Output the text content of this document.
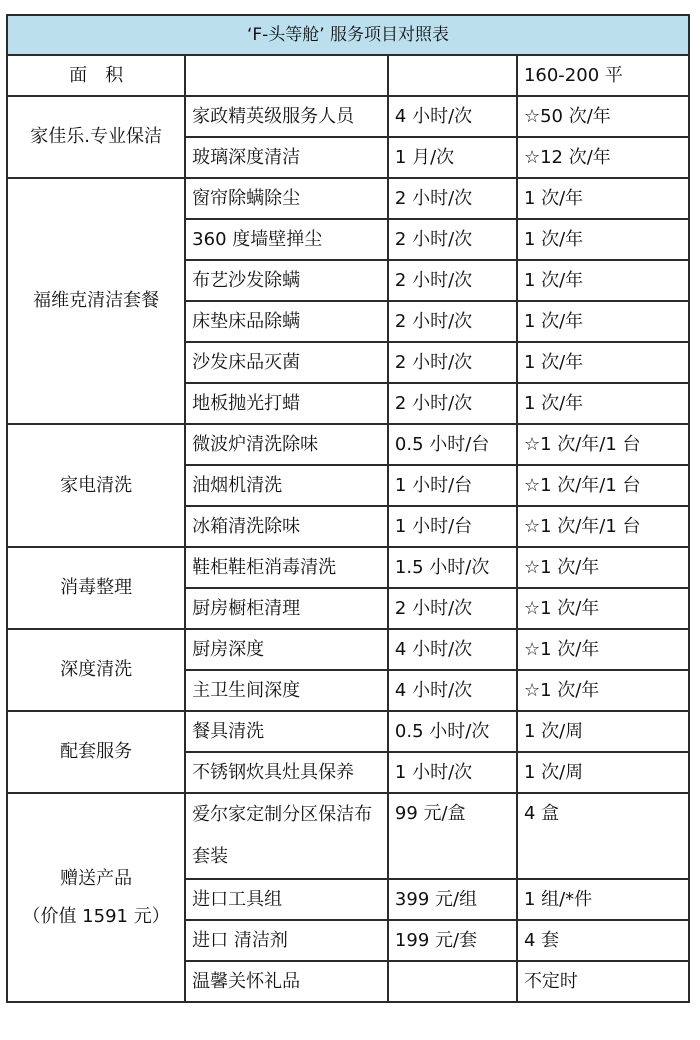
‘F-头等舱’ 服务项目对照表			
面　积			160-200 平
家佳乐.专业保洁	家政精英级服务人员	4 小时/次	☆50 次/年
	玻璃深度清洁	1 月/次	☆12 次/年
福维克清洁套餐	窗帘除螨除尘	2 小时/次	1 次/年
	360 度墙壁掸尘	2 小时/次	1 次/年
	布艺沙发除螨	2 小时/次	1 次/年
	床垫床品除螨	2 小时/次	1 次/年
	沙发床品灭菌	2 小时/次	1 次/年
	地板抛光打蜡	2 小时/次	1 次/年
家电清洗	微波炉清洗除味	0.5 小时/台	☆1 次/年/1 台
	油烟机清洗	1 小时/台	☆1 次/年/1 台
	冰箱清洗除味	1 小时/台	☆1 次/年/1 台
消毒整理	鞋柜鞋柜消毒清洗	1.5 小时/次	☆1 次/年
	厨房橱柜清理	2 小时/次	☆1 次/年
深度清洗	厨房深度	4 小时/次	☆1 次/年
	主卫生间深度	4 小时/次	☆1 次/年
配套服务	餐具清洗	0.5 小时/次	1 次/周
	不锈钢炊具灶具保养	1 小时/次	1 次/周

赠送产品
（价值 1591 元）	爱尔家定制分区保洁布套装	99 元/盒	4 盒
	进口工具组	399 元/组	1 组/*件
	进口 清洁剂	199 元/套	4 套
	温馨关怀礼品		不定时
